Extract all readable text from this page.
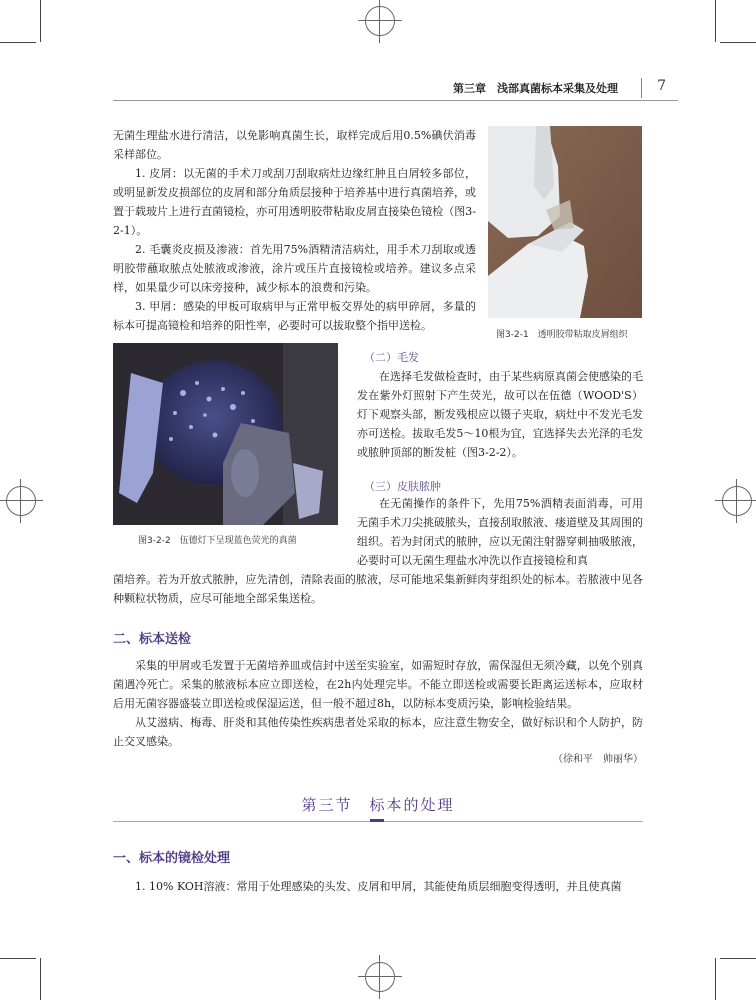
第三章　浅部真菌标本采集及处理	7

无菌生理盐水进行清洁，以免影响真菌生长，取样完成后用0.5%碘伏消毒采样部位。

1. 皮屑：以无菌的手术刀或刮刀刮取病灶边缘红肿且白屑较多部位，或明显新发皮损部位的皮屑和部分角质层接种于培养基中进行真菌培养，或置于载玻片上进行直菌镜检，亦可用透明胶带粘取皮屑直接染色镜检（图3-2-1）。

2. 毛囊炎皮损及渗液：首先用75%酒精清洁病灶，用手术刀刮取或透明胶带蘸取脓点处脓液或渗液，涂片或压片直接镜检或培养。建议多点采样，如果量少可以床旁接种，减少标本的浪费和污染。

3. 甲屑：感染的甲板可取病甲与正常甲板交界处的病甲碎屑，多量的标本可提高镜检和培养的阳性率，必要时可以拔取整个指甲送检。

图3-2-1　透明胶带粘取皮屑组织
图3-2-2　伍德灯下呈现蓝色荧光的真菌
（二）毛发

在选择毛发做检查时，由于某些病原真菌会使感染的毛发在紫外灯照射下产生荧光，故可以在伍德（WOOD'S）灯下观察头部，断发残根应以镊子夹取，病灶中不发光毛发亦可送检。拔取毛发5～10根为宜，宜选择失去光泽的毛发或脓肿顶部的断发桩（图3-2-2）。

（三）皮肤脓肿

在无菌操作的条件下，先用75%酒精表面消毒，可用无菌手术刀尖挑破脓头，直接刮取脓液、瘘道壁及其周围的组织。若为封闭式的脓肿，应以无菌注射器穿刺抽吸脓液，必要时可以无菌生理盐水冲洗以作直接镜检和真

菌培养。若为开放式脓肿，应先清创，清除表面的脓液，尽可能地采集新鲜肉芽组织处的标本。若脓液中见各种颗粒状物质，应尽可能地全部采集送检。

二、标本送检

采集的甲屑或毛发置于无菌培养皿或信封中送至实验室，如需短时存放，需保湿但无须冷藏，以免个别真菌遇冷死亡。采集的脓液标本应立即送检，在2h内处理完毕。不能立即送检或需要长距离运送标本，应取材后用无菌容器盛装立即送检或保湿运送，但一般不超过8h，以防标本变质污染，影响检验结果。

从艾滋病、梅毒、肝炎和其他传染性疾病患者处采取的标本，应注意生物安全，做好标识和个人防护，防止交叉感染。

（徐和平　帅丽华）
第三节　标本的处理
一、标本的镜检处理

1. 10% KOH溶液：常用于处理感染的头发、皮屑和甲屑，其能使角质层细胞变得透明，并且使真菌
